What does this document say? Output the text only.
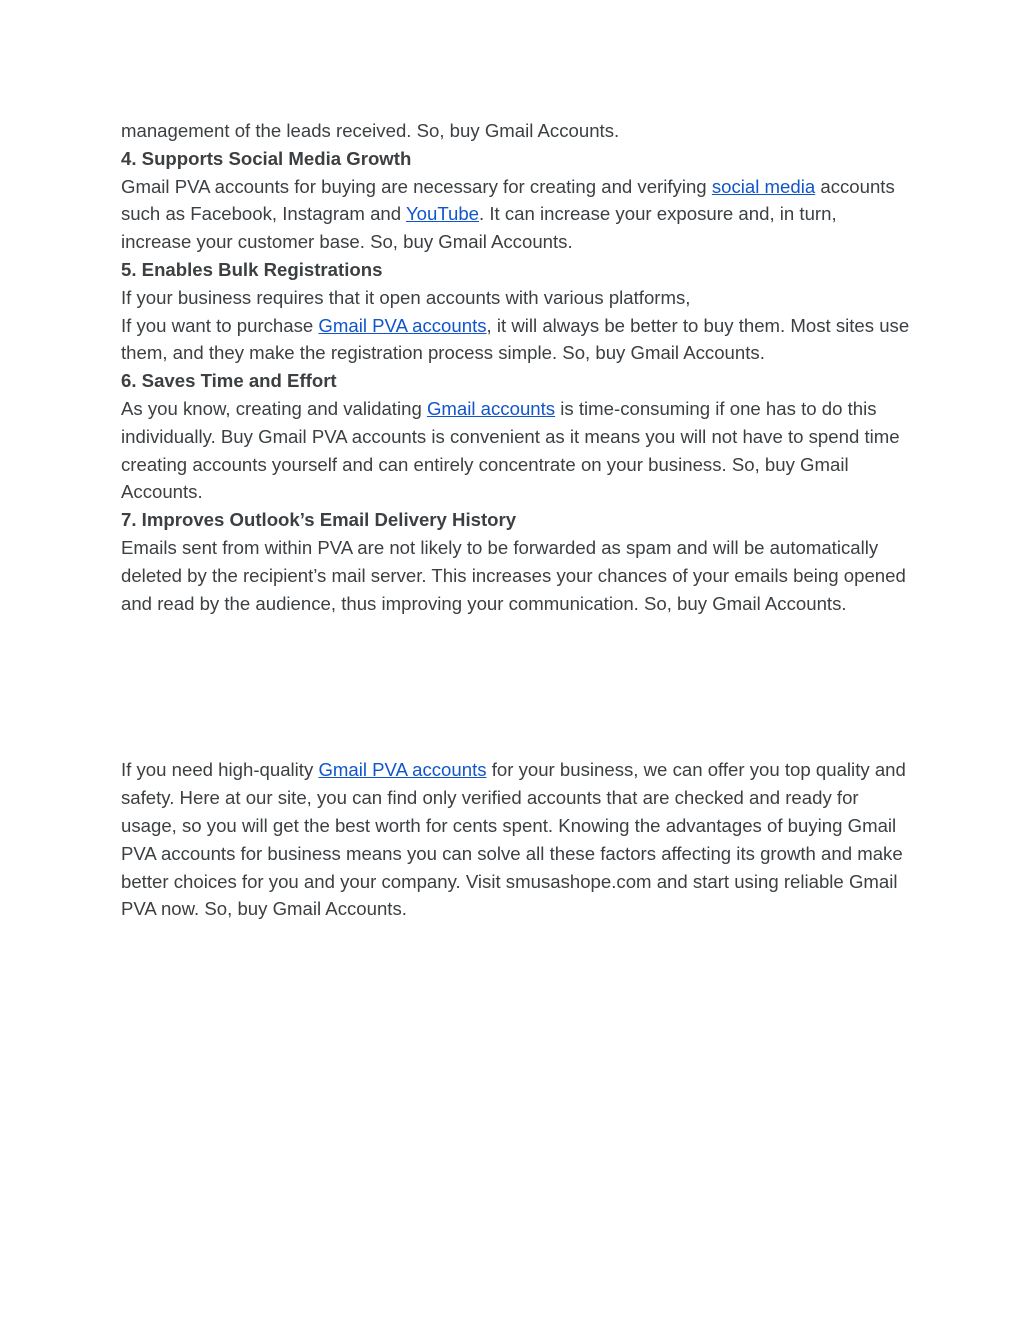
management of the leads received. So, buy Gmail Accounts.

4. Supports Social Media Growth

Gmail PVA accounts for buying are necessary for creating and verifying social media accounts such as Facebook, Instagram and YouTube. It can increase your exposure and, in turn, increase your customer base. So, buy Gmail Accounts.

5. Enables Bulk Registrations

If your business requires that it open accounts with various platforms,

If you want to purchase Gmail PVA accounts, it will always be better to buy them. Most sites use them, and they make the registration process simple. So, buy Gmail Accounts.

6. Saves Time and Effort

As you know, creating and validating Gmail accounts is time-consuming if one has to do this individually. Buy Gmail PVA accounts is convenient as it means you will not have to spend time creating accounts yourself and can entirely concentrate on your business. So, buy Gmail Accounts.

7. Improves Outlook’s Email Delivery History

Emails sent from within PVA are not likely to be forwarded as spam and will be automatically deleted by the recipient’s mail server. This increases your chances of your emails being opened and read by the audience, thus improving your communication. So, buy Gmail Accounts.

If you need high-quality Gmail PVA accounts for your business, we can offer you top quality and safety. Here at our site, you can find only verified accounts that are checked and ready for usage, so you will get the best worth for cents spent. Knowing the advantages of buying Gmail PVA accounts for business means you can solve all these factors affecting its growth and make better choices for you and your company. Visit smusashope.com and start using reliable Gmail PVA now. So, buy Gmail Accounts.
